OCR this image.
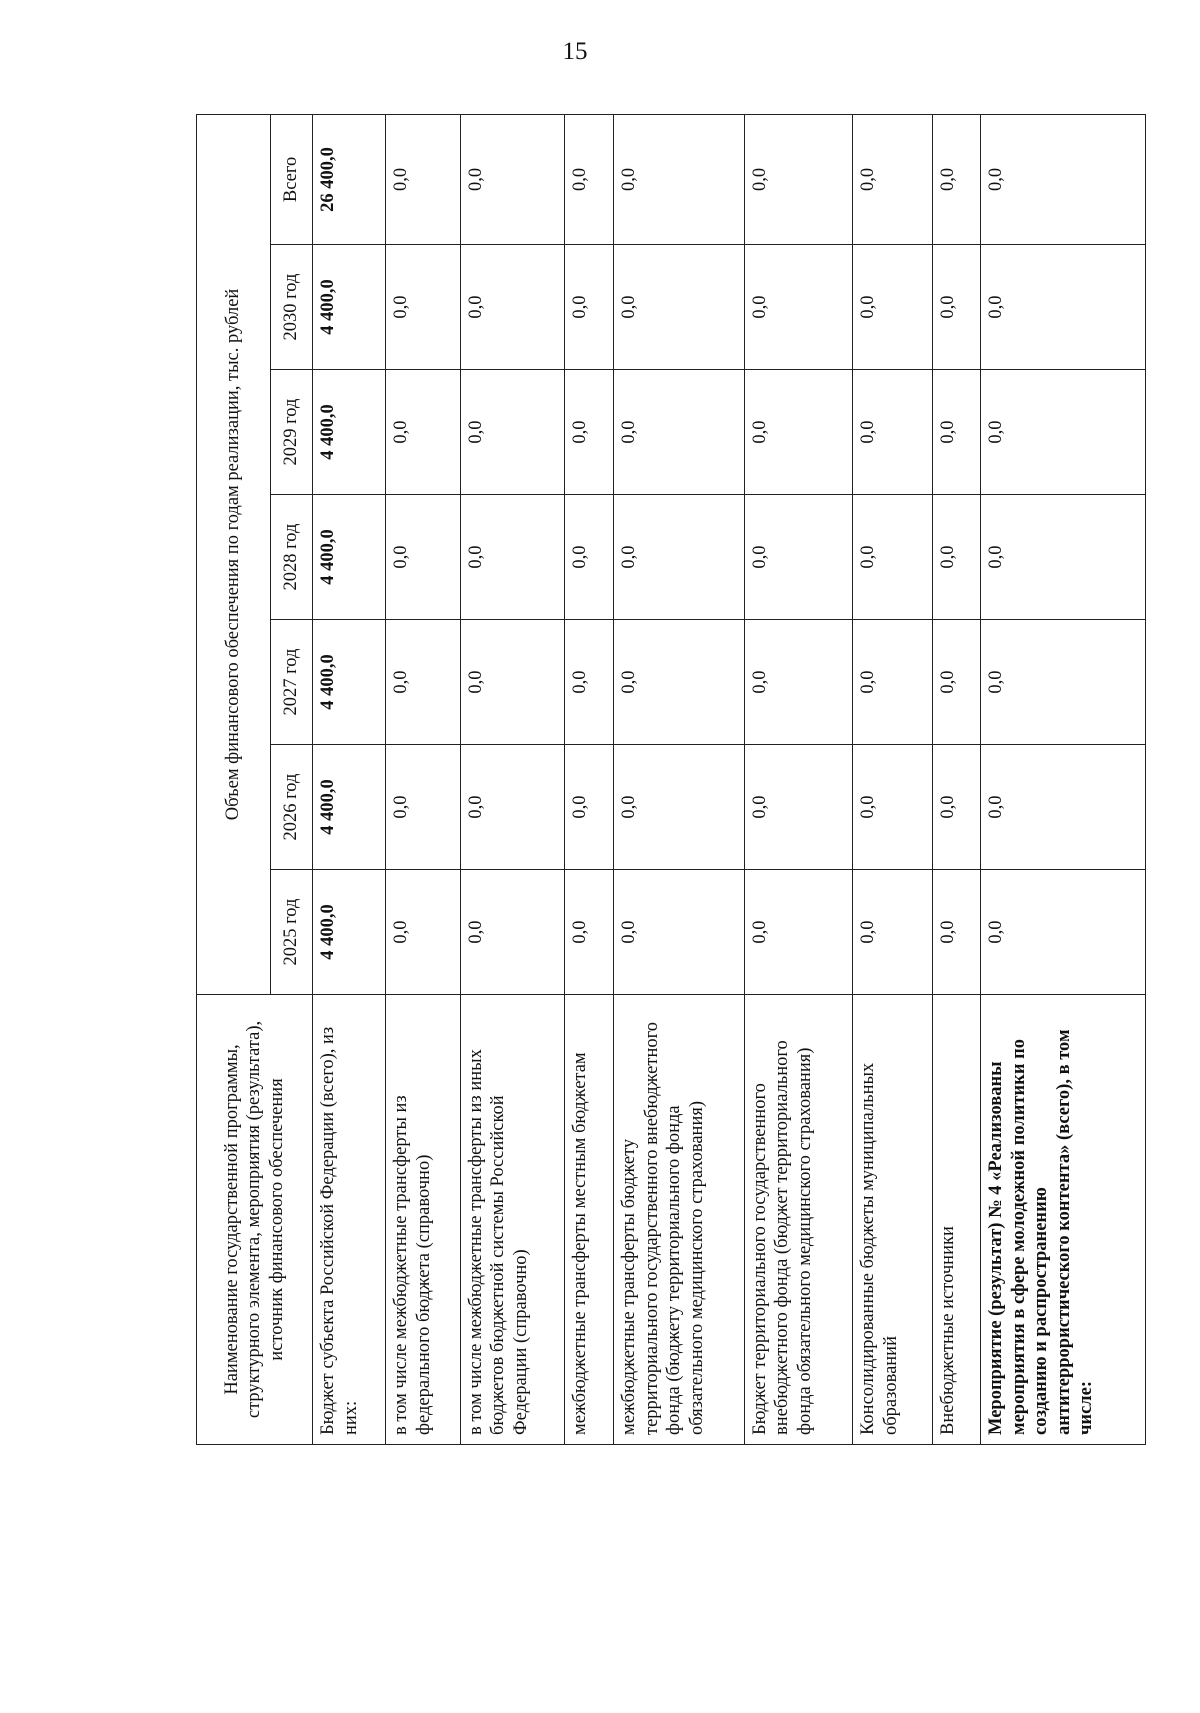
15
Наименование государственной программы, структурного элемента, мероприятия (результата), источник финансового обеспечения	Объем финансового обеспечения по годам реализации, тыс. рублей						
	2025 год	2026 год	2027 год	2028 год	2029 год	2030 год	Всего
Бюджет субъекта Российской Федерации (всего), из них:	4 400,0	4 400,0	4 400,0	4 400,0	4 400,0	4 400,0	26 400,0
в том числе межбюджетные трансферты из федерального бюджета (справочно)	0,0	0,0	0,0	0,0	0,0	0,0	0,0
в том числе межбюджетные трансферты из иных бюджетов бюджетной системы Российской Федерации (справочно)	0,0	0,0	0,0	0,0	0,0	0,0	0,0
межбюджетные трансферты местным бюджетам	0,0	0,0	0,0	0,0	0,0	0,0	0,0
межбюджетные трансферты бюджету территориального государственного внебюджетного фонда (бюджету территориального фонда обязательного медицинского страхования)	0,0	0,0	0,0	0,0	0,0	0,0	0,0
Бюджет территориального государственного внебюджетного фонда (бюджет территориального фонда обязательного медицинского страхования)	0,0	0,0	0,0	0,0	0,0	0,0	0,0
Консолидированные бюджеты муниципальных образований	0,0	0,0	0,0	0,0	0,0	0,0	0,0
Внебюджетные источники	0,0	0,0	0,0	0,0	0,0	0,0	0,0
Мероприятие (результат) № 4 «Реализованы мероприятия в сфере молодежной политики по созданию и распространению антитеррористического контента» (всего), в том числе:	0,0	0,0	0,0	0,0	0,0	0,0	0,0
